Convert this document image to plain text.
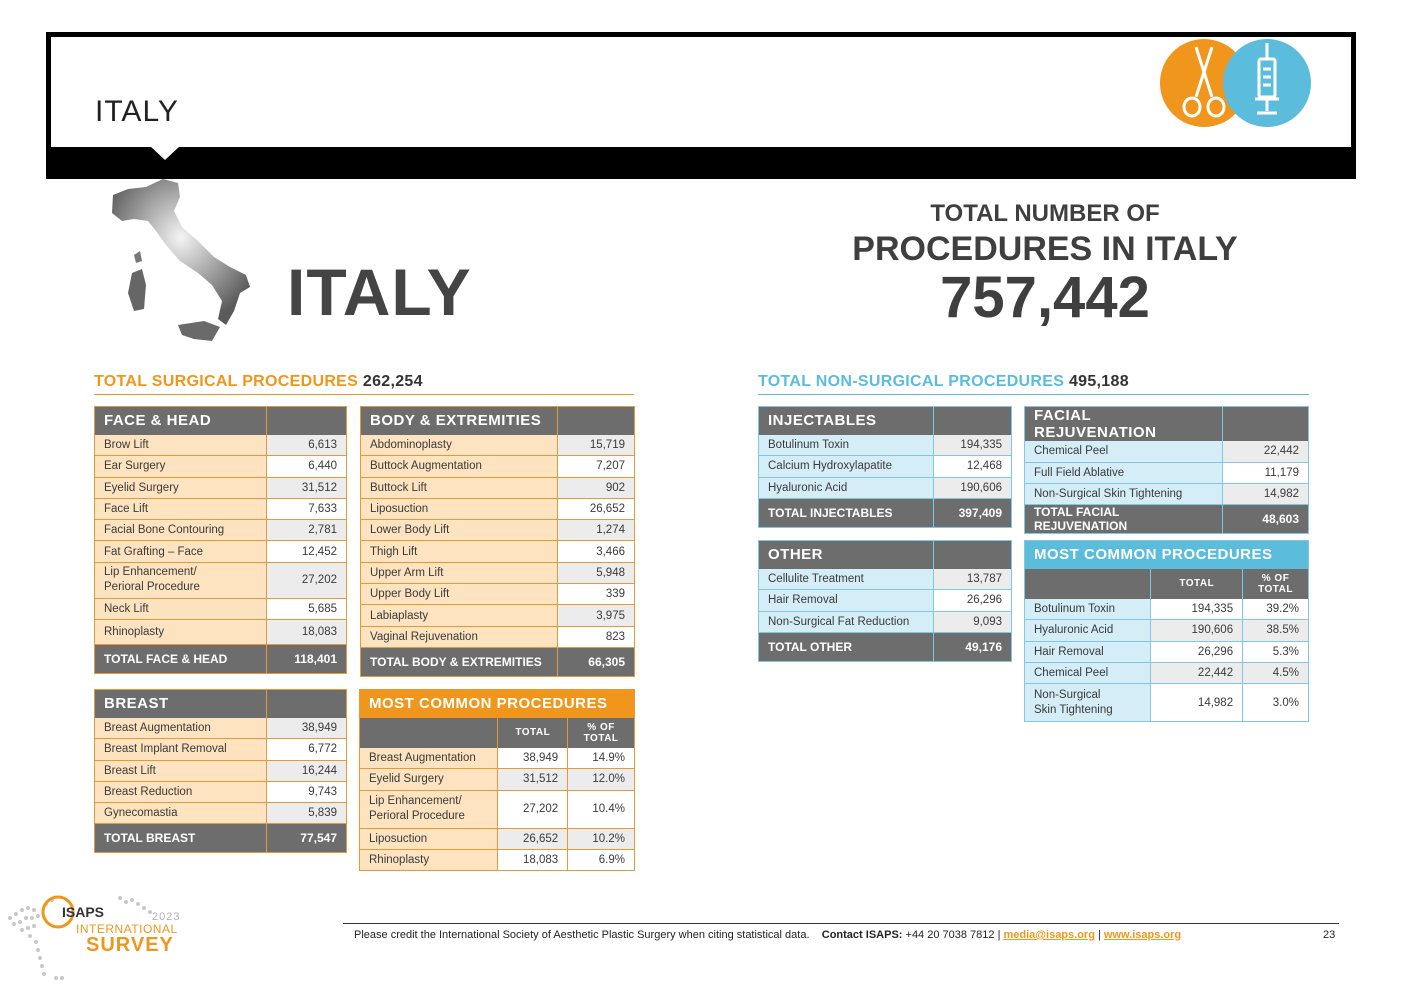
ITALY
ITALY
TOTAL NUMBER OF
PROCEDURES IN ITALY
757,442
TOTAL SURGICAL PROCEDURES 262,254	TOTAL NON-SURGICAL PROCEDURES 495,188
FACE & HEAD	
Brow Lift	6,613
Ear Surgery	6,440
Eyelid Surgery	31,512
Face Lift	7,633
Facial Bone Contouring	2,781
Fat Grafting – Face	12,452
Lip Enhancement/
Perioral Procedure	27,202
Neck Lift	5,685
Rhinoplasty	18,083
TOTAL FACE & HEAD	118,401
BODY & EXTREMITIES	
Abdominoplasty	15,719
Buttock Augmentation	7,207
Buttock Lift	902
Liposuction	26,652
Lower Body Lift	1,274
Thigh Lift	3,466
Upper Arm Lift	5,948
Upper Body Lift	339
Labiaplasty	3,975
Vaginal Rejuvenation	823
TOTAL BODY & EXTREMITIES	66,305
BREAST	
Breast Augmentation	38,949
Breast Implant Removal	6,772
Breast Lift	16,244
Breast Reduction	9,743
Gynecomastia	5,839
TOTAL BREAST	77,547
MOST COMMON PROCEDURES		
	TOTAL	% OF
TOTAL
Breast Augmentation	38,949	14.9%
Eyelid Surgery	31,512	12.0%
Lip Enhancement/
Perioral Procedure	27,202	10.4%
Liposuction	26,652	10.2%
Rhinoplasty	18,083	6.9%
INJECTABLES	
Botulinum Toxin	194,335
Calcium Hydroxylapatite	12,468
Hyaluronic Acid	190,606
TOTAL INJECTABLES	397,409
FACIAL REJUVENATION	
Chemical Peel	22,442
Full Field Ablative	11,179
Non-Surgical Skin Tightening	14,982
TOTAL FACIAL REJUVENATION	48,603
OTHER	
Cellulite Treatment	13,787
Hair Removal	26,296
Non-Surgical Fat Reduction	9,093
TOTAL OTHER	49,176
MOST COMMON PROCEDURES		
	TOTAL	% OF
TOTAL
Botulinum Toxin	194,335	39.2%
Hyaluronic Acid	190,606	38.5%
Hair Removal	26,296	5.3%
Chemical Peel	22,442	4.5%
Non-Surgical
Skin Tightening	14,982	3.0%
ISAPS	2023
INTERNATIONAL
SURVEY	Please credit the International Society of Aesthetic Plastic Surgery when citing statistical data. Contact ISAPS: +44 20 7038 7812 | media@isaps.org | www.isaps.org	23
